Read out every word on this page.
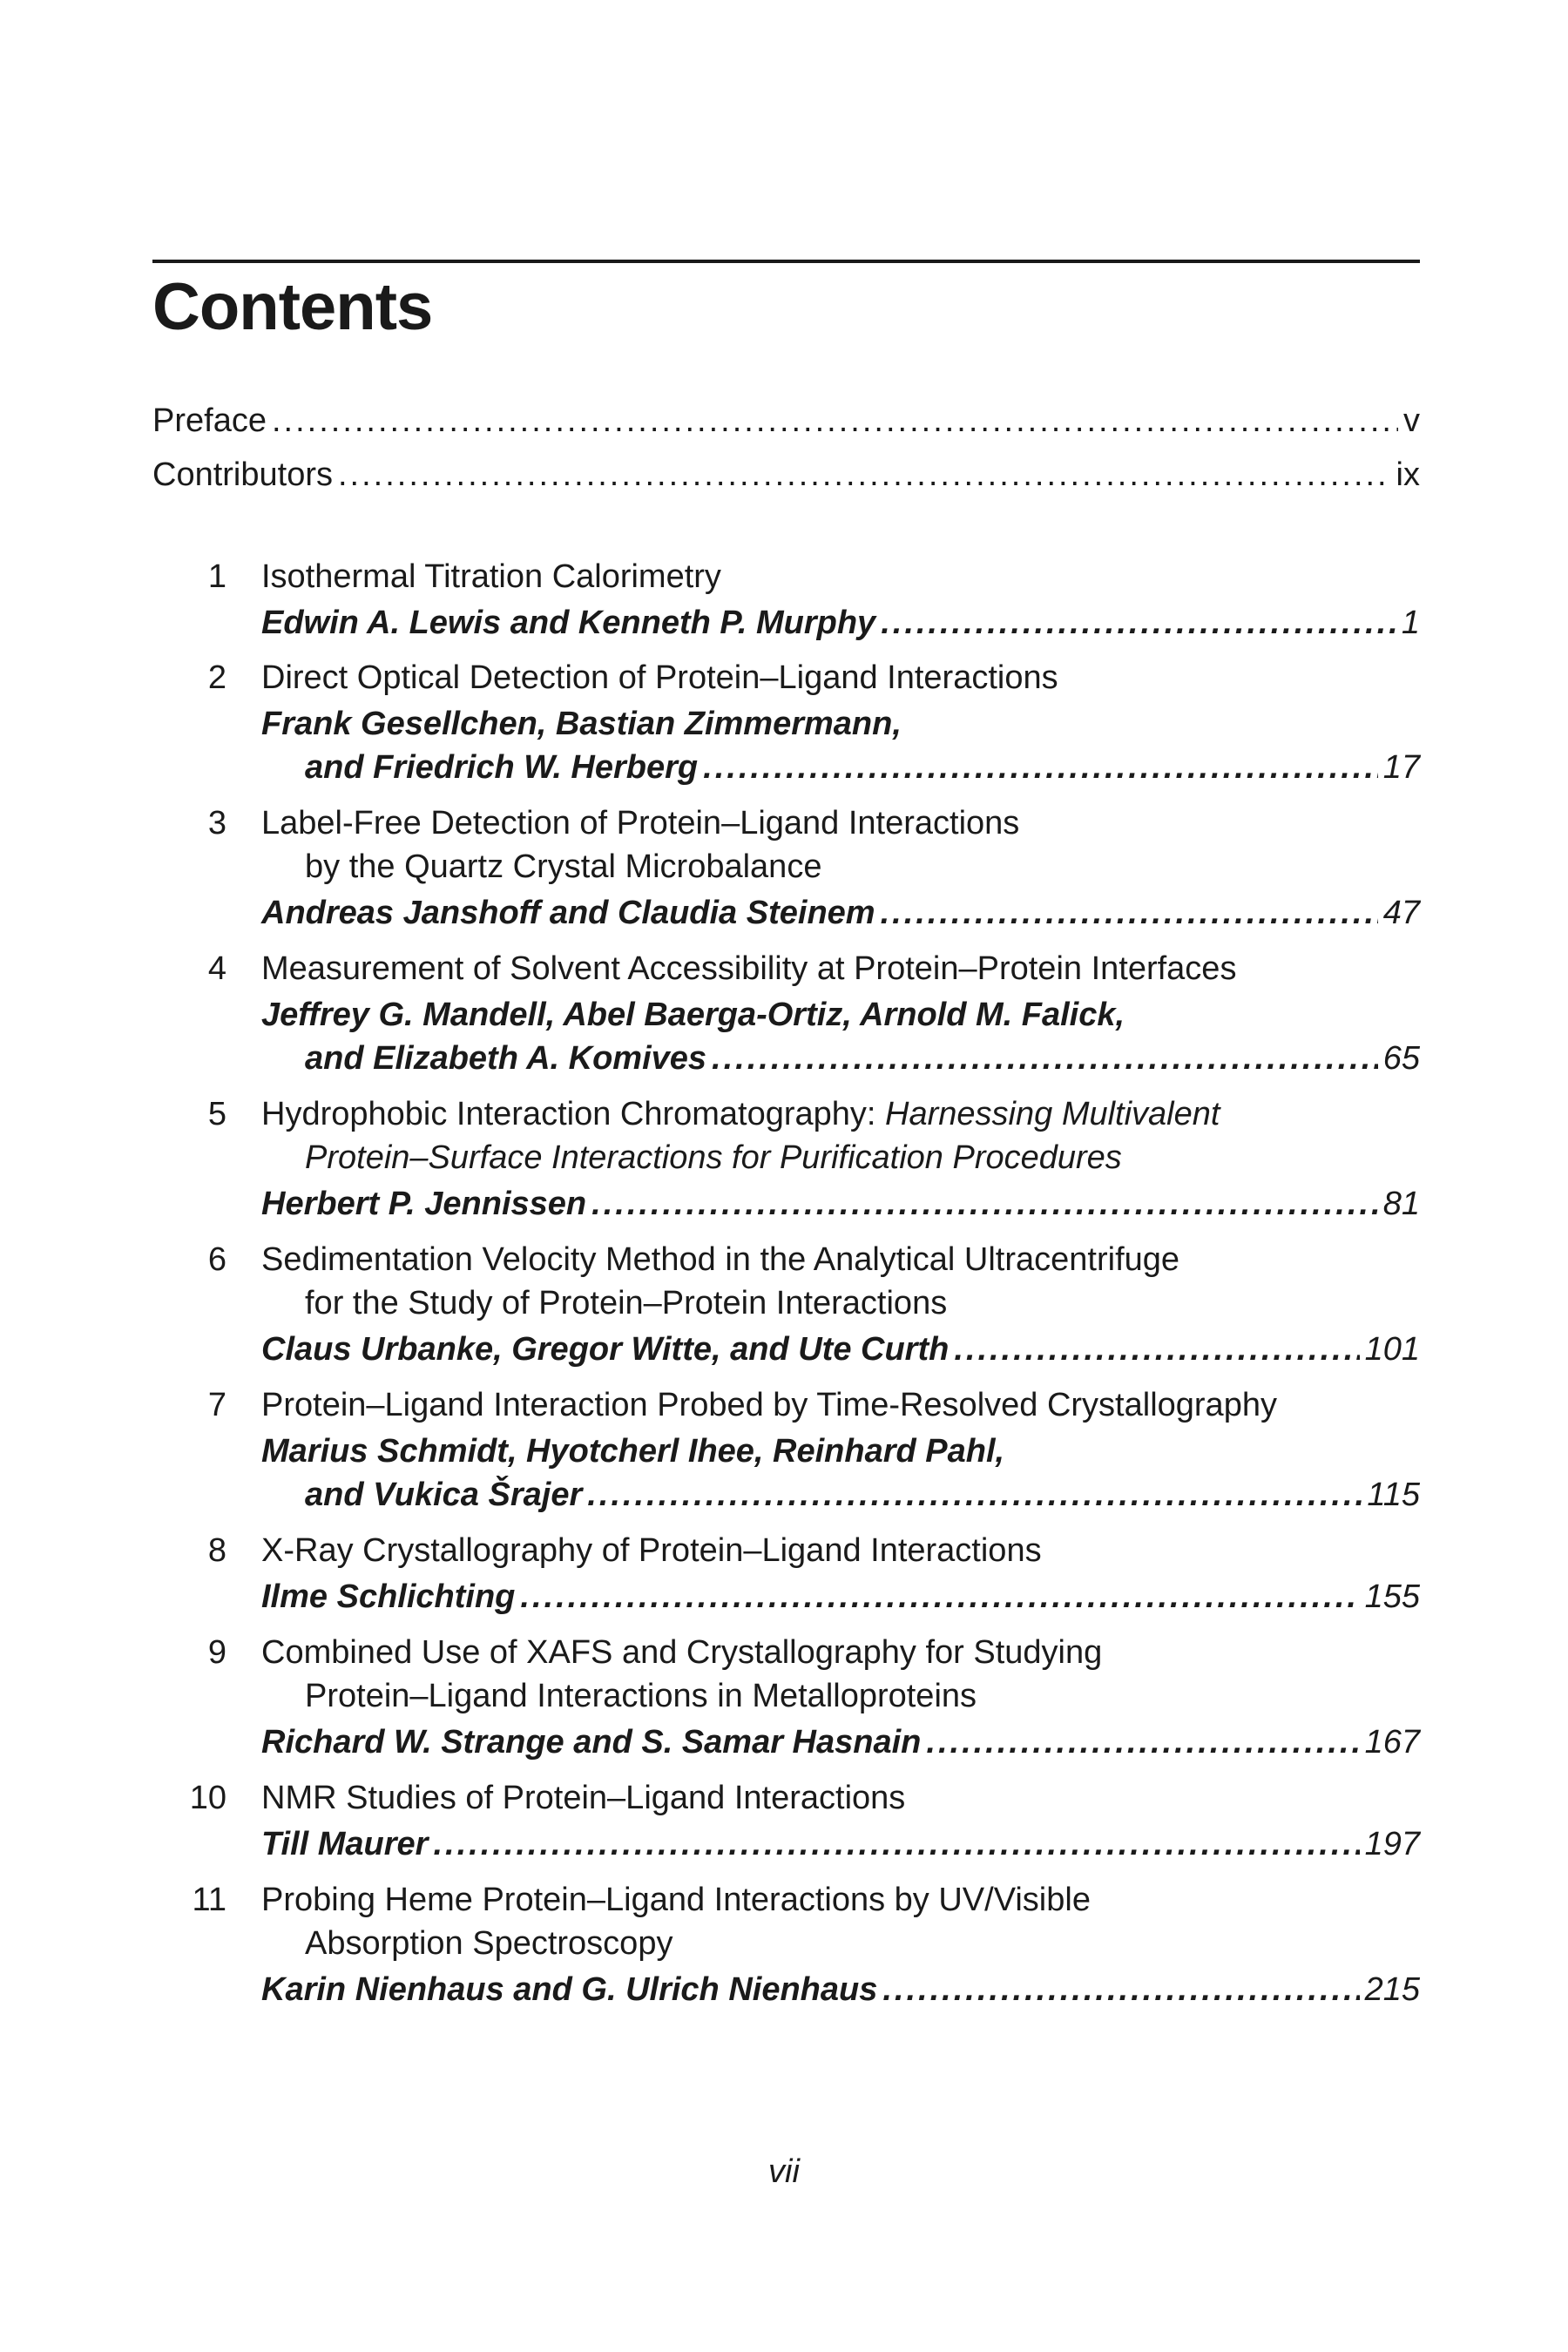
Contents
Preface .....	v
Contributors .....	ix
1 Isothermal Titration Calorimetry
Edwin A. Lewis and Kenneth P. Murphy .....	1
2 Direct Optical Detection of Protein–Ligand Interactions
Frank Gesellchen, Bastian Zimmermann,
and Friedrich W. Herberg .....	17
3 Label-Free Detection of Protein–Ligand Interactions
by the Quartz Crystal Microbalance
Andreas Janshoff and Claudia Steinem .....	47
4 Measurement of Solvent Accessibility at Protein–Protein Interfaces
Jeffrey G. Mandell, Abel Baerga-Ortiz, Arnold M. Falick,
and Elizabeth A. Komives .....	65
5 Hydrophobic Interaction Chromatography: Harnessing Multivalent
Protein–Surface Interactions for Purification Procedures
Herbert P. Jennissen .....	81
6 Sedimentation Velocity Method in the Analytical Ultracentrifuge
for the Study of Protein–Protein Interactions
Claus Urbanke, Gregor Witte, and Ute Curth .....	101
7 Protein–Ligand Interaction Probed by Time-Resolved Crystallography
Marius Schmidt, Hyotcherl Ihee, Reinhard Pahl,
and Vukica Šrajer .....	115
8 X-Ray Crystallography of Protein–Ligand Interactions
Ilme Schlichting .....	155
9 Combined Use of XAFS and Crystallography for Studying
Protein–Ligand Interactions in Metalloproteins
Richard W. Strange and S. Samar Hasnain .....	167
10 NMR Studies of Protein–Ligand Interactions
Till Maurer .....	197
11 Probing Heme Protein–Ligand Interactions by UV/Visible
Absorption Spectroscopy
Karin Nienhaus and G. Ulrich Nienhaus .....	215
vii
